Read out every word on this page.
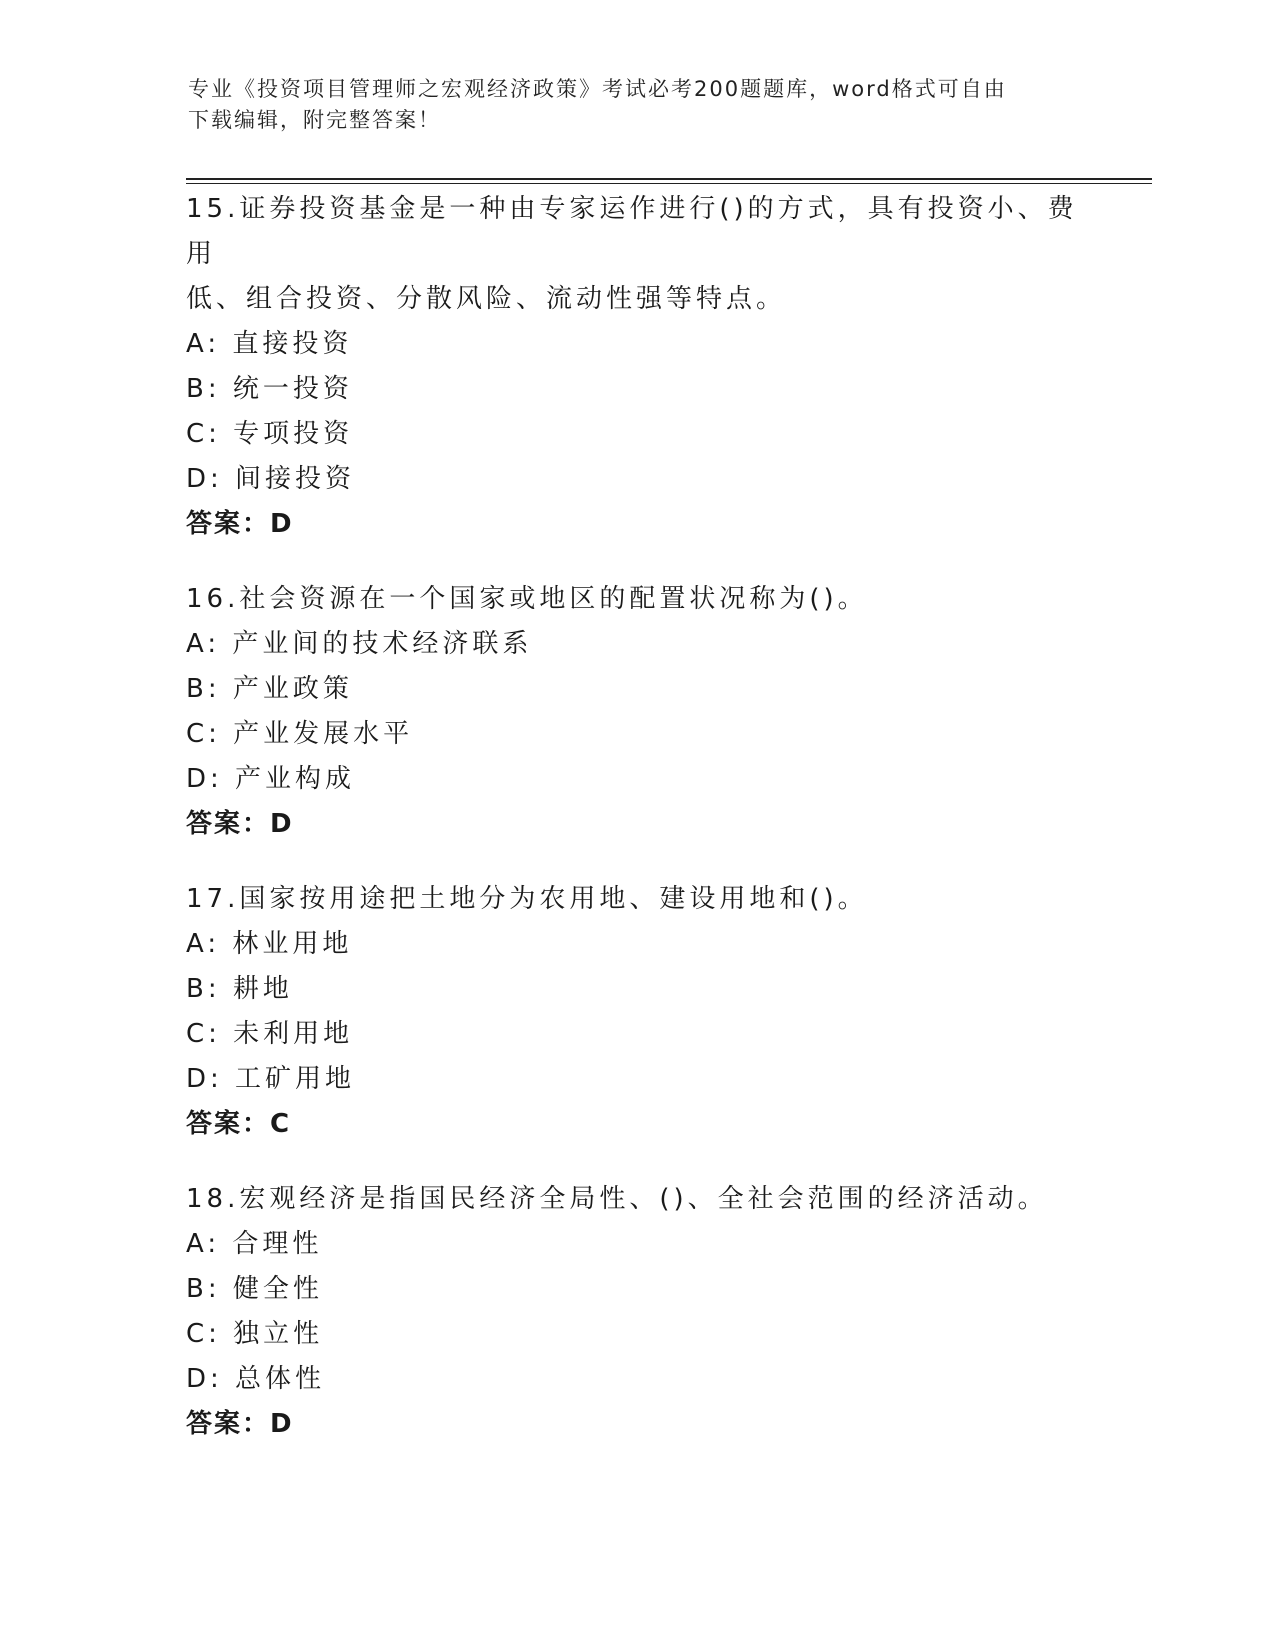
专业《投资项目管理师之宏观经济政策》考试必考200题题库，word格式可自由
下载编辑，附完整答案！

15.证券投资基金是一种由专家运作进行()的方式，具有投资小、费用
低、组合投资、分散风险、流动性强等特点。

A: 直接投资
B: 统一投资
C: 专项投资
D: 间接投资
答案：D

16.社会资源在一个国家或地区的配置状况称为()。

A: 产业间的技术经济联系
B: 产业政策
C: 产业发展水平
D: 产业构成
答案：D

17.国家按用途把土地分为农用地、建设用地和()。

A: 林业用地
B: 耕地
C: 未利用地
D: 工矿用地
答案：C

18.宏观经济是指国民经济全局性、()、全社会范围的经济活动。

A: 合理性
B: 健全性
C: 独立性
D: 总体性
答案：D
